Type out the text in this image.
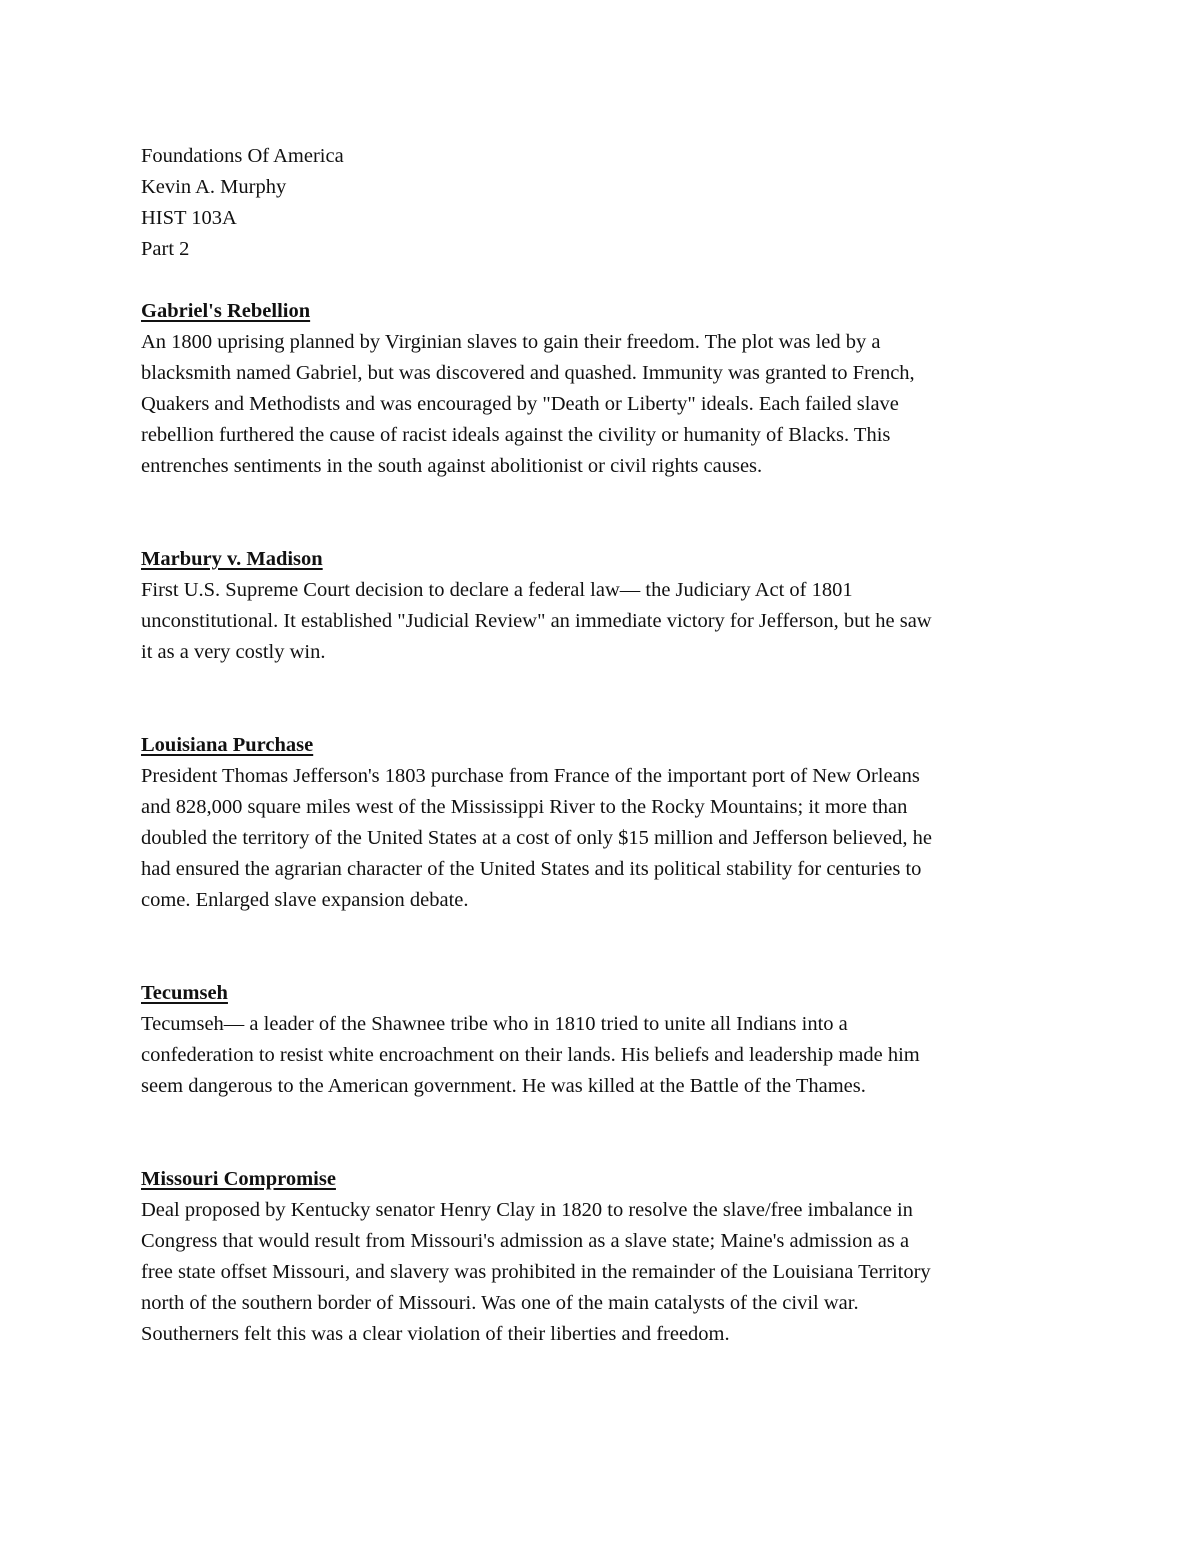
Foundations Of America

Kevin A. Murphy

HIST 103A

Part 2

Gabriel's Rebellion

An 1800 uprising planned by Virginian slaves to gain their freedom. The plot was led by a

blacksmith named Gabriel, but was discovered and quashed. Immunity was granted to French,

Quakers and Methodists and was encouraged by "Death or Liberty" ideals. Each failed slave

rebellion furthered the cause of racist ideals against the civility or humanity of Blacks. This

entrenches sentiments in the south against abolitionist or civil rights causes.

Marbury v. Madison

First U.S. Supreme Court decision to declare a federal law— the Judiciary Act of 1801

unconstitutional. It established "Judicial Review" an immediate victory for Jefferson, but he saw

it as a very costly win.

Louisiana Purchase

President Thomas Jefferson's 1803 purchase from France of the important port of New Orleans

and 828,000 square miles west of the Mississippi River to the Rocky Mountains; it more than

doubled the territory of the United States at a cost of only $15 million and Jefferson believed, he

had ensured the agrarian character of the United States and its political stability for centuries to

come. Enlarged slave expansion debate.

Tecumseh

Tecumseh— a leader of the Shawnee tribe who in 1810 tried to unite all Indians into a

confederation to resist white encroachment on their lands. His beliefs and leadership made him

seem dangerous to the American government. He was killed at the Battle of the Thames.

Missouri Compromise

Deal proposed by Kentucky senator Henry Clay in 1820 to resolve the slave/free imbalance in

Congress that would result from Missouri's admission as a slave state; Maine's admission as a

free state offset Missouri, and slavery was prohibited in the remainder of the Louisiana Territory

north of the southern border of Missouri. Was one of the main catalysts of the civil war.

Southerners felt this was a clear violation of their liberties and freedom.
